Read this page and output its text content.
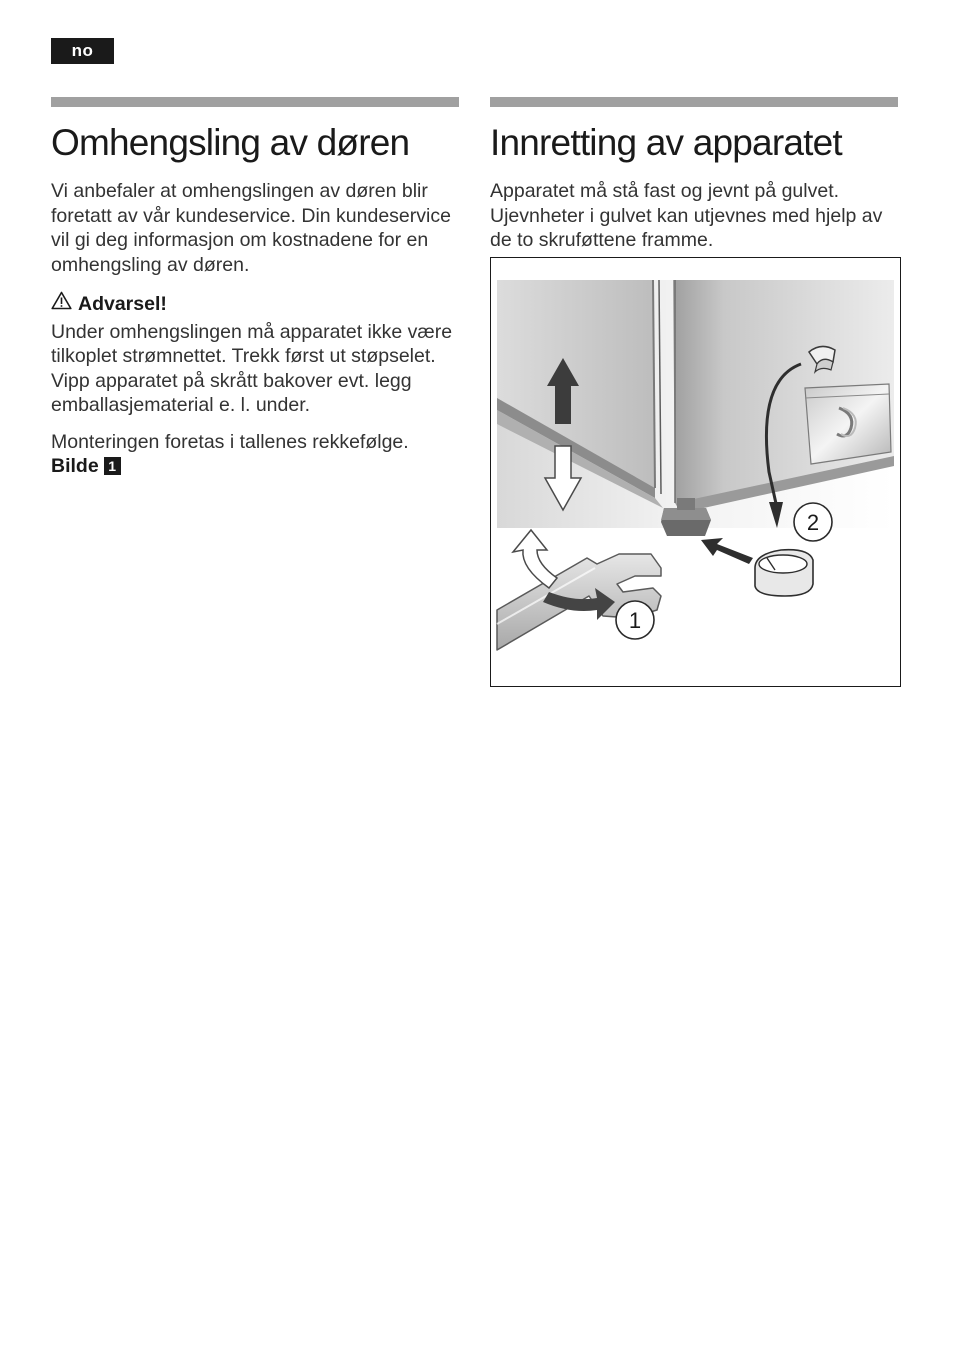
no
Omhengsling av døren

Vi anbefaler at omhengslingen av døren blir foretatt av vår kundeservice. Din kundeservice vil gi deg informasjon om kostnadene for en omhengsling av døren.

Advarsel!

Under omhengslingen må apparatet ikke være tilkoplet strømnettet. Trekk først ut støpselet. Vipp apparatet på skrått bakover evt. legg emballasjematerial e. l. under.

Monteringen foretas i tallenes rekkefølge. Bilde 1

Innretting av apparatet

Apparatet må stå fast og jevnt på gulvet. Ujevnheter i gulvet kan utjevnes med hjelp av de to skruføttene framme.

1
2
